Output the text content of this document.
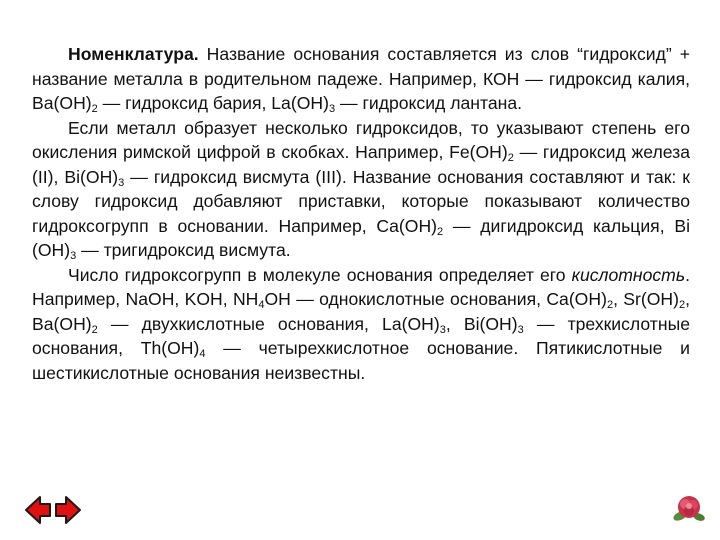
Номенклатура. Название основания составляется из слов “гидроксид” + название металла в родительном падеже. Например, КОН — гидроксид калия, $Ba(OH)_2$ — гидроксид бария, $La(OH)_3$ — гидроксид лантана.

Если металл образует несколько гидроксидов, то указывают степень его окисления римской цифрой в скобках. Например, $Fe(OH)_2$ — гидроксид железа (II), $Bi(OH)_3$ — гидроксид висмута (III). Название основания составляют и так: к слову гидроксид добавляют приставки, которые показывают количество гидроксогрупп в основании. Например, $Ca(OH)_2$ — дигидроксид кальция, Bi $(OH)_3$ — тригидроксид висмута.

Число гидроксогрупп в молекуле основания определяет его кислотность. Например, NaOH, KOH, $NH_4OH$ — однокислотные основания, $Ca(OH)_2$, $Sr(OH)_2$, $Ba(OH)_2$ — двухкислотные основания, $La(OH)_3$, $Bi(OH)_3$ — трехкислотные основания, $Th(OH)_4$ — четырехкислотное основание. Пятикислотные и шестикислотные основания неизвестны.
